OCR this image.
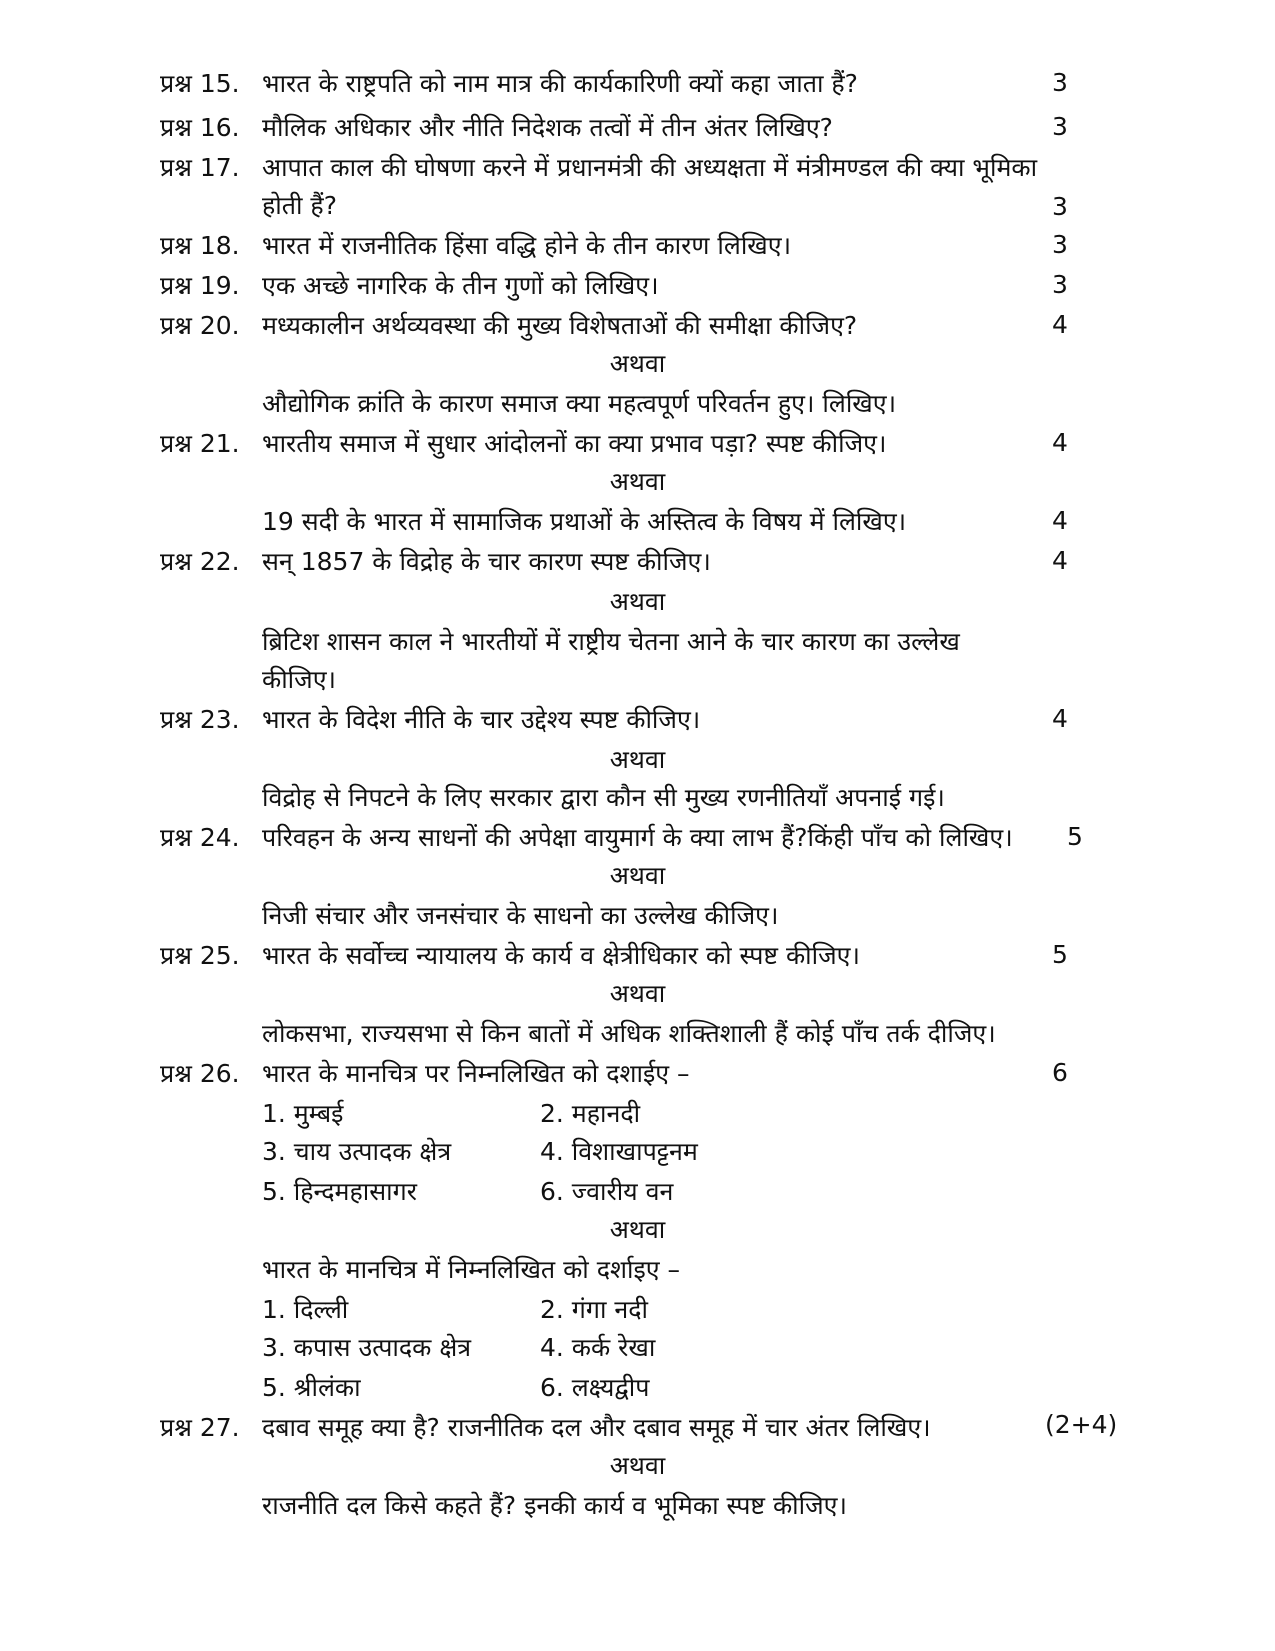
प्रश्न 15. भारत के राष्ट्रपति को नाम मात्र की कार्यकारिणी क्यों कहा जाता हैं?	3
प्रश्न 16. मौलिक अधिकार और नीति निदेशक तत्वों में तीन अंतर लिखिए?	3
प्रश्न 17. आपात काल की घोषणा करने में प्रधानमंत्री की अध्यक्षता में मंत्रीमण्डल की क्या भूमिका
होती हैं?	3
प्रश्न 18. भारत में राजनीतिक हिंसा वद्धि होने के तीन कारण लिखिए।	3
प्रश्न 19. एक अच्छे नागरिक के तीन गुणों को लिखिए।	3
प्रश्न 20. मध्यकालीन अर्थव्यवस्था की मुख्य विशेषताओं की समीक्षा कीजिए?	4
अथवा
औद्योगिक क्रांति के कारण समाज क्या महत्वपूर्ण परिवर्तन हुए। लिखिए।
प्रश्न 21. भारतीय समाज में सुधार आंदोलनों का क्या प्रभाव पड़ा? स्पष्ट कीजिए।	4
अथवा
19 सदी के भारत में सामाजिक प्रथाओं के अस्तित्व के विषय में लिखिए।	4
प्रश्न 22. सन् 1857 के विद्रोह के चार कारण स्पष्ट कीजिए।	4
अथवा
ब्रिटिश शासन काल ने भारतीयों में राष्ट्रीय चेतना आने के चार कारण का उल्लेख
कीजिए।
प्रश्न 23. भारत के विदेश नीति के चार उद्देश्य स्पष्ट कीजिए।	4
अथवा
विद्रोह से निपटने के लिए सरकार द्वारा कौन सी मुख्य रणनीतियाँ अपनाई गई।
प्रश्न 24. परिवहन के अन्य साधनों की अपेक्षा वायुमार्ग के क्या लाभ हैं?किंही पाँच को लिखिए। 5
अथवा
निजी संचार और जनसंचार के साधनो का उल्लेख कीजिए।
प्रश्न 25. भारत के सर्वोच्च न्यायालय के कार्य व क्षेत्रीधिकार को स्पष्ट कीजिए।	5
अथवा
लोकसभा, राज्यसभा से किन बातों में अधिक शक्तिशाली हैं कोई पाँच तर्क दीजिए।
प्रश्न 26. भारत के मानचित्र पर निम्नलिखित को दशाईए –	6
1. मुम्बई	2. महानदी
3. चाय उत्पादक क्षेत्र	4. विशाखापट्टनम
5. हिन्दमहासागर	6. ज्वारीय वन
अथवा
भारत के मानचित्र में निम्नलिखित को दर्शाइए –
1. दिल्ली	2. गंगा नदी
3. कपास उत्पादक क्षेत्र	4. कर्क रेखा
5. श्रीलंका	6. लक्ष्यद्वीप
प्रश्न 27. दबाव समूह क्या है? राजनीतिक दल और दबाव समूह में चार अंतर लिखिए।	(2+4)
अथवा
राजनीति दल किसे कहते हैं? इनकी कार्य व भूमिका स्पष्ट कीजिए।
